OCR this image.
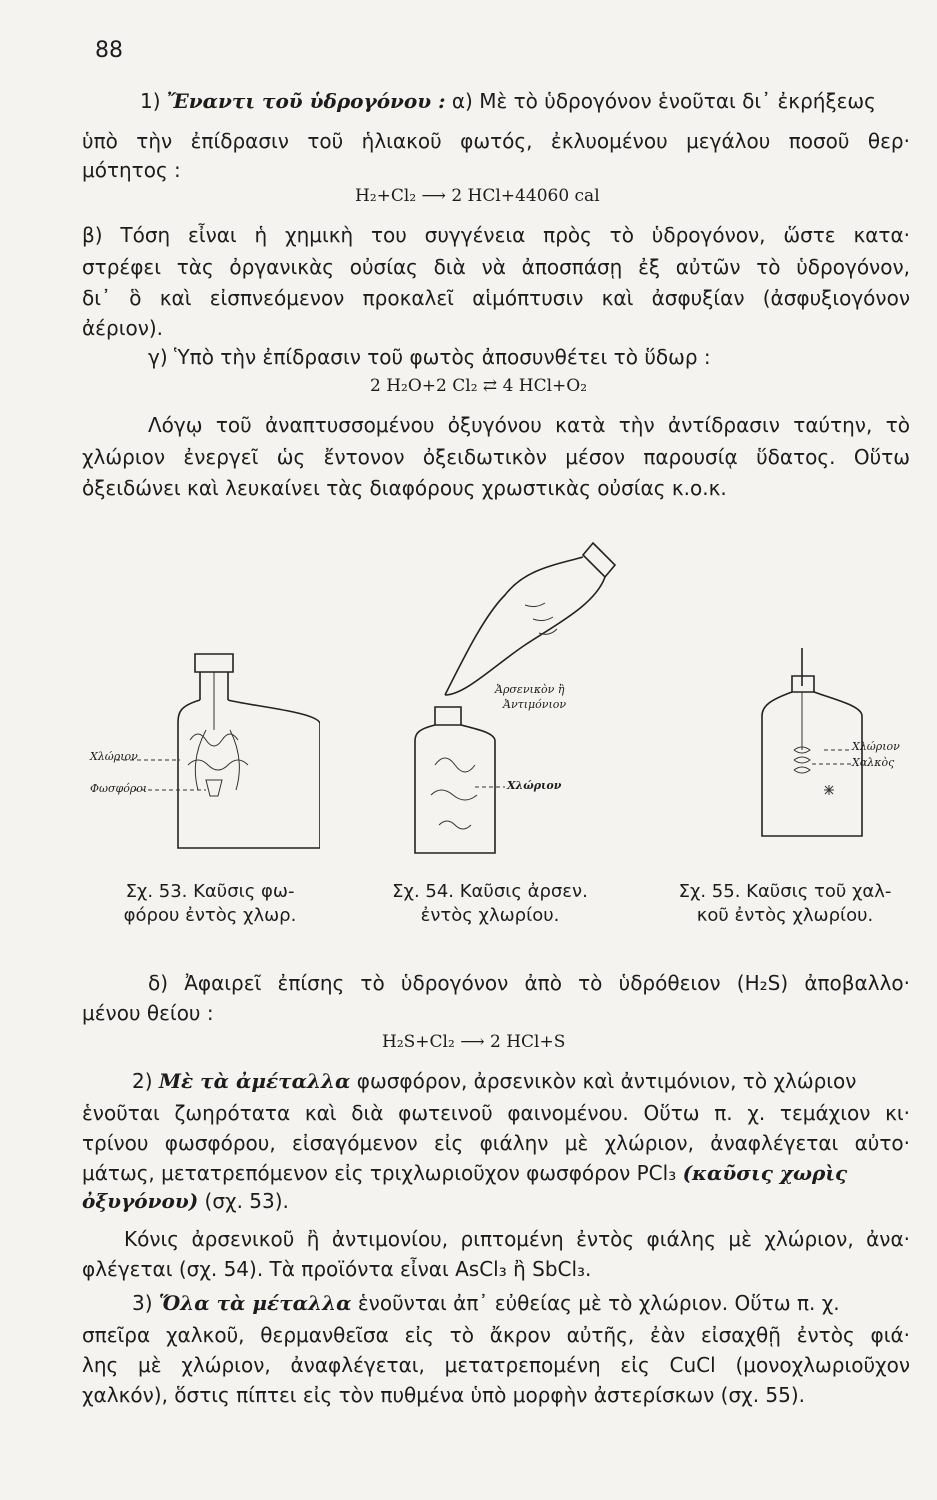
88
1) Ἔναντι τοῦ ὑδρογόνου : α) Μὲ τὸ ὑδρογόνον ἑνοῦται δι᾽ ἐκρήξεως
ὑπὸ τὴν ἐπίδρασιν τοῦ ἡλιακοῦ φωτός, ἐκλυομένου μεγάλου ποσοῦ θερ·
μότητος :
H₂+Cl₂ ⟶ 2 HCl+44060 cal
β) Τόση εἶναι ἡ χημικὴ του συγγένεια πρὸς τὸ ὑδρογόνον, ὥστε κατα·
στρέφει τὰς ὀργανικὰς οὐσίας διὰ νὰ ἀποσπάσῃ ἐξ αὐτῶν τὸ ὑδρογόνον,
δι᾽ ὃ καὶ εἰσπνεόμενον προκαλεῖ αἱμόπτυσιν καὶ ἀσφυξίαν (ἀσφυξιογόνον
ἀέριον).
γ) Ὑπὸ τὴν ἐπίδρασιν τοῦ φωτὸς ἀποσυνθέτει τὸ ὕδωρ :
2 H₂O+2 Cl₂ ⇄ 4 HCl+O₂
Λόγῳ τοῦ ἀναπτυσσομένου ὀξυγόνου κατὰ τὴν ἀντίδρασιν ταύτην, τὸ
χλώριον ἐνεργεῖ ὡς ἔντονον ὀξειδωτικὸν μέσον παρουσίᾳ ὕδατος. Οὕτω
ὀξειδώνει καὶ λευκαίνει τὰς διαφόρους χρωστικὰς οὐσίας κ.ο.κ.
Χλώριον
Φωσφόροι
Σχ. 53. Καῦσις φω-
φόρου ἐντὸς χλωρ.
Ἀρσενικὸν ἢ
Ἀντιμόνιον
Χλώριον
Σχ. 54. Καῦσις ἀρσεν.
ἐντὸς χλωρίου.
Χλώριον
Χαλκὸς
Σχ. 55. Καῦσις τοῦ χαλ-
κοῦ ἐντὸς χλωρίου.
δ) Ἀφαιρεῖ ἐπίσης τὸ ὑδρογόνον ἀπὸ τὸ ὑδρόθειον (H₂S) ἀποβαλλο·
μένου θείου :
H₂S+Cl₂ ⟶ 2 HCl+S
2) Μὲ τὰ ἀμέταλλα φωσφόρον, ἀρσενικὸν καὶ ἀντιμόνιον, τὸ χλώριον
ἑνοῦται ζωηρότατα καὶ διὰ φωτεινοῦ φαινομένου. Οὕτω π. χ. τεμάχιον κι·
τρίνου φωσφόρου, εἰσαγόμενον εἰς φιάλην μὲ χλώριον, ἀναφλέγεται αὐτο·
μάτως, μετατρεπόμενον εἰς τριχλωριοῦχον φωσφόρον PCl₃ (καῦσις χωρὶς
ὀξυγόνου) (σχ. 53).
Κόνις ἀρσενικοῦ ἢ ἀντιμονίου, ριπτομένη ἐντὸς φιάλης μὲ χλώριον, ἀνα·
φλέγεται (σχ. 54). Τὰ προϊόντα εἶναι AsCl₃ ἢ SbCl₃.
3) Ὅλα τὰ μέταλλα ἑνοῦνται ἀπ᾽ εὐθείας μὲ τὸ χλώριον. Οὕτω π. χ.
σπεῖρα χαλκοῦ, θερμανθεῖσα εἰς τὸ ἄκρον αὐτῆς, ἐὰν εἰσαχθῇ ἐντὸς φιά·
λης μὲ χλώριον, ἀναφλέγεται, μετατρεπομένη εἰς CuCl (μονοχλωριοῦχον
χαλκόν), ὅστις πίπτει εἰς τὸν πυθμένα ὑπὸ μορφὴν ἀστερίσκων (σχ. 55).
